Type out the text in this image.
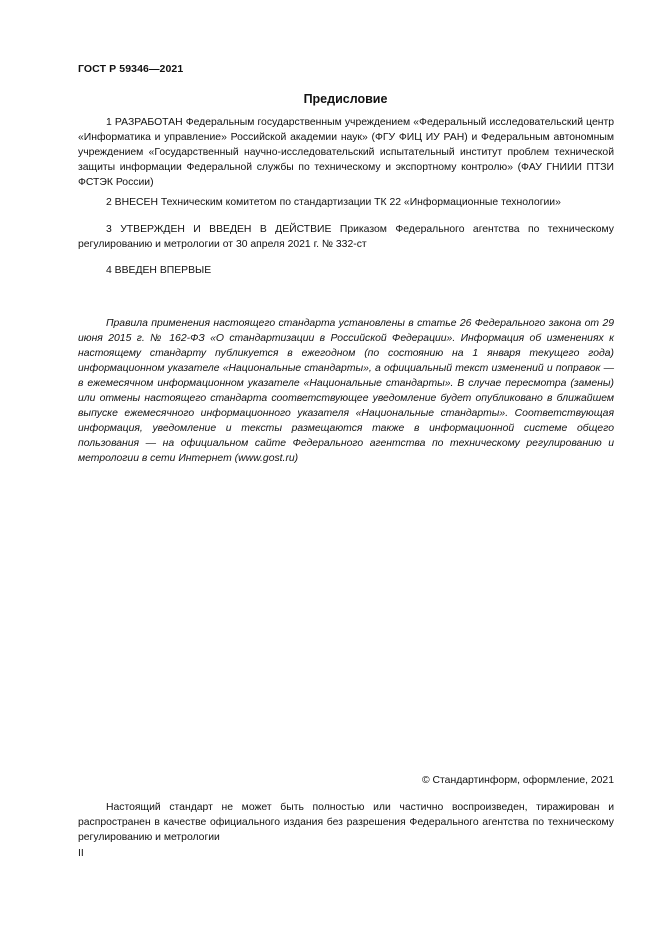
ГОСТ Р 59346—2021
Предисловие

1 РАЗРАБОТАН Федеральным государственным учреждением «Федеральный исследовательский центр «Информатика и управление» Российской академии наук» (ФГУ ФИЦ ИУ РАН) и Федеральным автономным учреждением «Государственный научно-исследовательский испытательный институт проблем технической защиты информации Федеральной службы по техническому и экспортному контролю» (ФАУ ГНИИИ ПТЗИ ФСТЭК России)

2 ВНЕСЕН Техническим комитетом по стандартизации ТК 22 «Информационные технологии»

3 УТВЕРЖДЕН И ВВЕДЕН В ДЕЙСТВИЕ Приказом Федерального агентства по техническому регулированию и метрологии от 30 апреля 2021 г. № 332-ст

4 ВВЕДЕН ВПЕРВЫЕ

Правила применения настоящего стандарта установлены в статье 26 Федерального закона от 29 июня 2015 г. № 162-ФЗ «О стандартизации в Российской Федерации». Информация об изменениях к настоящему стандарту публикуется в ежегодном (по состоянию на 1 января текущего года) информационном указателе «Национальные стандарты», а официальный текст изменений и поправок — в ежемесячном информационном указателе «Национальные стандарты». В случае пересмотра (замены) или отмены настоящего стандарта соответствующее уведомление будет опубликовано в ближайшем выпуске ежемесячного информационного указателя «Национальные стандарты». Соответствующая информация, уведомление и тексты размещаются также в информационной системе общего пользования — на официальном сайте Федерального агентства по техническому регулированию и метрологии в сети Интернет (www.gost.ru)

© Стандартинформ, оформление, 2021

Настоящий стандарт не может быть полностью или частично воспроизведен, тиражирован и распространен в качестве официального издания без разрешения Федерального агентства по техническому регулированию и метрологии

II
